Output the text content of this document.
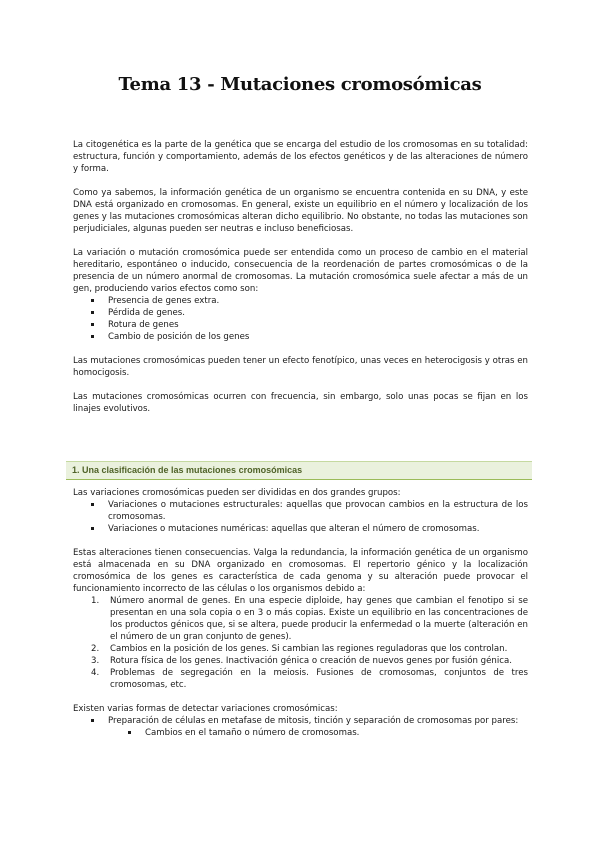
Tema 13 - Mutaciones cromosómicas

La citogenética es la parte de la genética que se encarga del estudio de los cromosomas en su totalidad: estructura, función y comportamiento, además de los efectos genéticos y de las alteraciones de número y forma.

Como ya sabemos, la información genética de un organismo se encuentra contenida en su DNA, y este DNA está organizado en cromosomas. En general, existe un equilibrio en el número y localización de los genes y las mutaciones cromosómicas alteran dicho equilibrio. No obstante, no todas las mutaciones son perjudiciales, algunas pueden ser neutras e incluso beneficiosas.

La variación o mutación cromosómica puede ser entendida como un proceso de cambio en el material hereditario, espontáneo o inducido, consecuencia de la reordenación de partes cromosómicas o de la presencia de un número anormal de cromosomas. La mutación cromosómica suele afectar a más de un gen, produciendo varios efectos como son:

Presencia de genes extra.
Pérdida de genes.
Rotura de genes
Cambio de posición de los genes

Las mutaciones cromosómicas pueden tener un efecto fenotípico, unas veces en heterocigosis y otras en homocigosis.

Las mutaciones cromosómicas ocurren con frecuencia, sin embargo, solo unas pocas se fijan en los linajes evolutivos.

1. Una clasificación de las mutaciones cromosómicas

Las variaciones cromosómicas pueden ser divididas en dos grandes grupos:

Variaciones o mutaciones estructurales: aquellas que provocan cambios en la estructura de los cromosomas.
Variaciones o mutaciones numéricas: aquellas que alteran el número de cromosomas.

Estas alteraciones tienen consecuencias. Valga la redundancia, la información genética de un organismo está almacenada en su DNA organizado en cromosomas. El repertorio génico y la localización cromosómica de los genes es característica de cada genoma y su alteración puede provocar el funcionamiento incorrecto de las células o los organismos debido a:

1. Número anormal de genes. En una especie diploide, hay genes que cambian el fenotipo si se presentan en una sola copia o en 3 o más copias. Existe un equilibrio en las concentraciones de los productos génicos que, si se altera, puede producir la enfermedad o la muerte (alteración en el número de un gran conjunto de genes).
2. Cambios en la posición de los genes. Si cambian las regiones reguladoras que los controlan.
3. Rotura física de los genes. Inactivación génica o creación de nuevos genes por fusión génica.
4. Problemas de segregación en la meiosis. Fusiones de cromosomas, conjuntos de tres cromosomas, etc.

Existen varias formas de detectar variaciones cromosómicas:

Preparación de células en metafase de mitosis, tinción y separación de cromosomas por pares:
Cambios en el tamaño o número de cromosomas.
